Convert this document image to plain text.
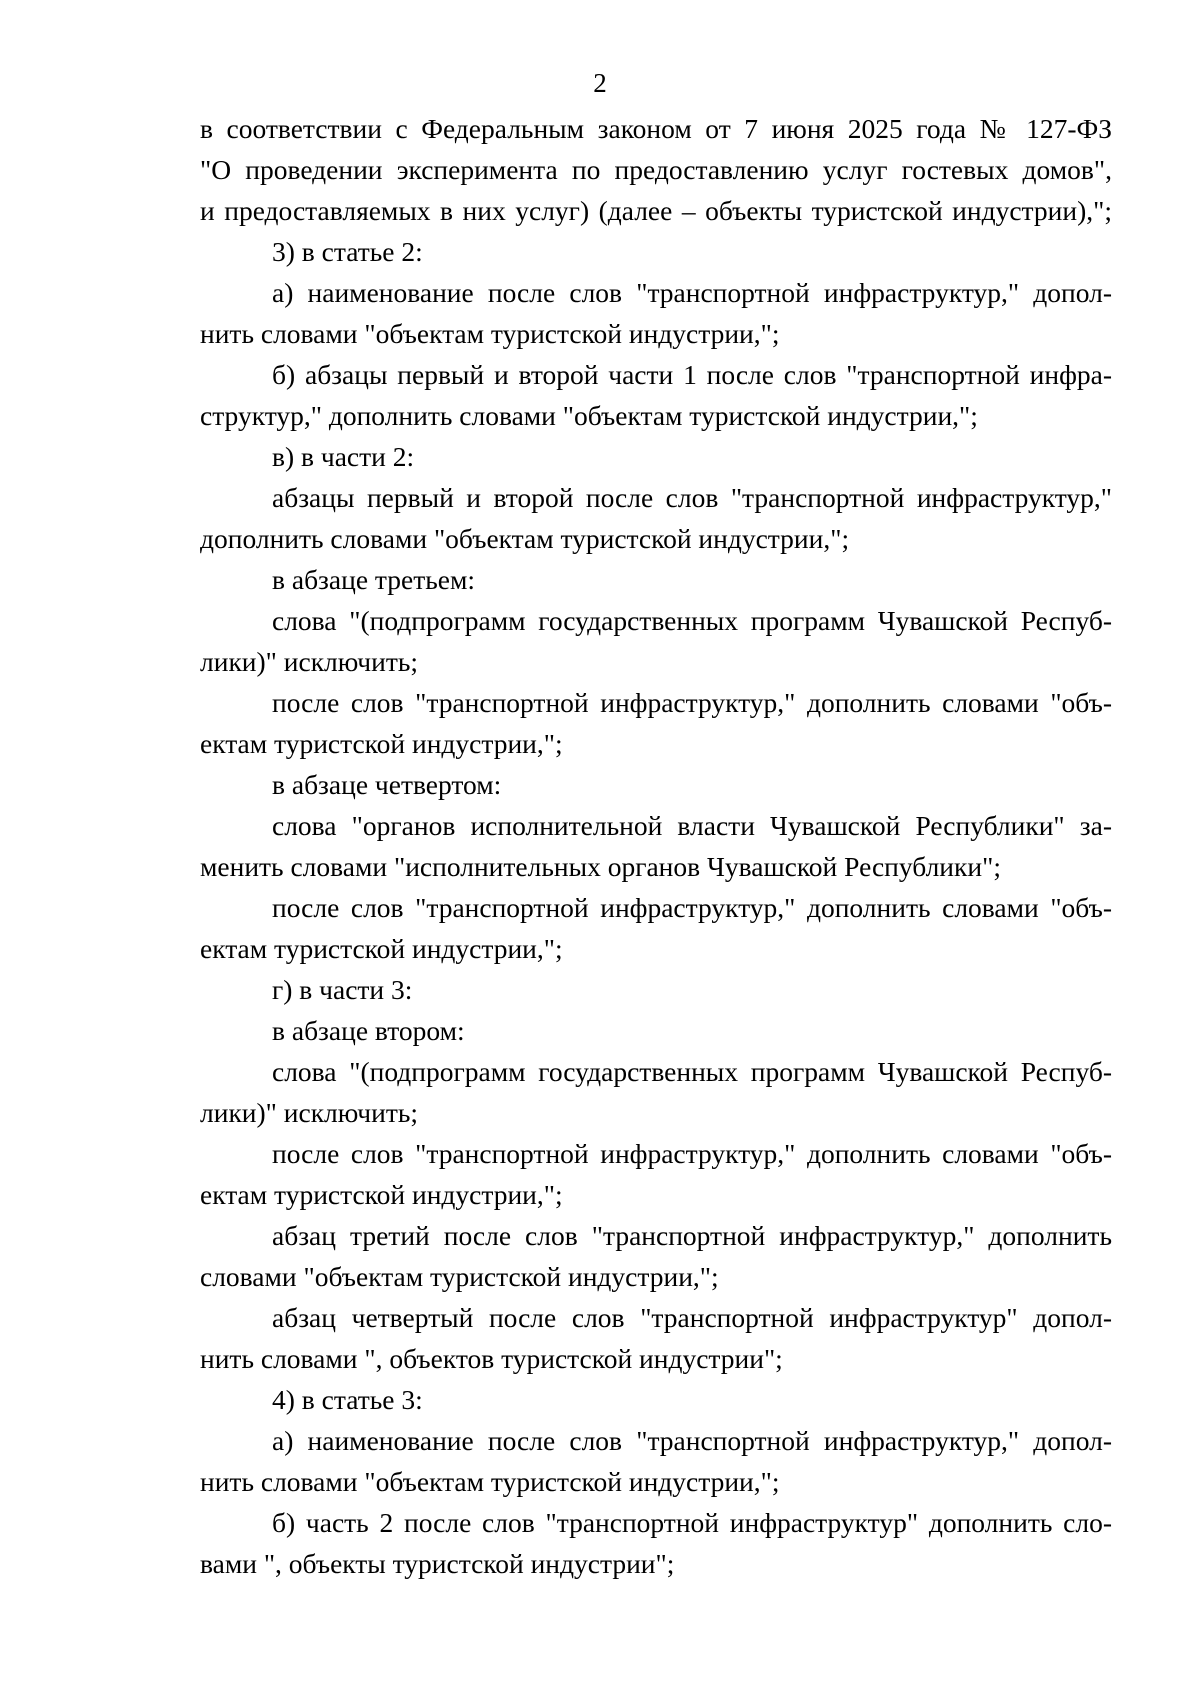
2
в соответствии с Федеральным законом от 7 июня 2025 года № 127-ФЗ
"О проведении эксперимента по предоставлению услуг гостевых домов",
и предоставляемых в них услуг) (далее – объекты туристской индустрии),";
3) в статье 2:
а) наименование после слов "транспортной инфраструктур," допол-
нить словами "объектам туристской индустрии,";
б) абзацы первый и второй части 1 после слов "транспортной инфра-
структур," дополнить словами "объектам туристской индустрии,";
в) в части 2:
абзацы первый и второй после слов "транспортной инфраструктур,"
дополнить словами "объектам туристской индустрии,";
в абзаце третьем:
слова "(подпрограмм государственных программ Чувашской Респуб-
лики)" исключить;
после слов "транспортной инфраструктур," дополнить словами "объ-
ектам туристской индустрии,";
в абзаце четвертом:
слова "органов исполнительной власти Чувашской Республики" за-
менить словами "исполнительных органов Чувашской Республики";
после слов "транспортной инфраструктур," дополнить словами "объ-
ектам туристской индустрии,";
г) в части 3:
в абзаце втором:
слова "(подпрограмм государственных программ Чувашской Респуб-
лики)" исключить;
после слов "транспортной инфраструктур," дополнить словами "объ-
ектам туристской индустрии,";
абзац третий после слов "транспортной инфраструктур," дополнить
словами "объектам туристской индустрии,";
абзац четвертый после слов "транспортной инфраструктур" допол-
нить словами ", объектов туристской индустрии";
4) в статье 3:
а) наименование после слов "транспортной инфраструктур," допол-
нить словами "объектам туристской индустрии,";
б) часть 2 после слов "транспортной инфраструктур" дополнить сло-
вами ", объекты туристской индустрии";
